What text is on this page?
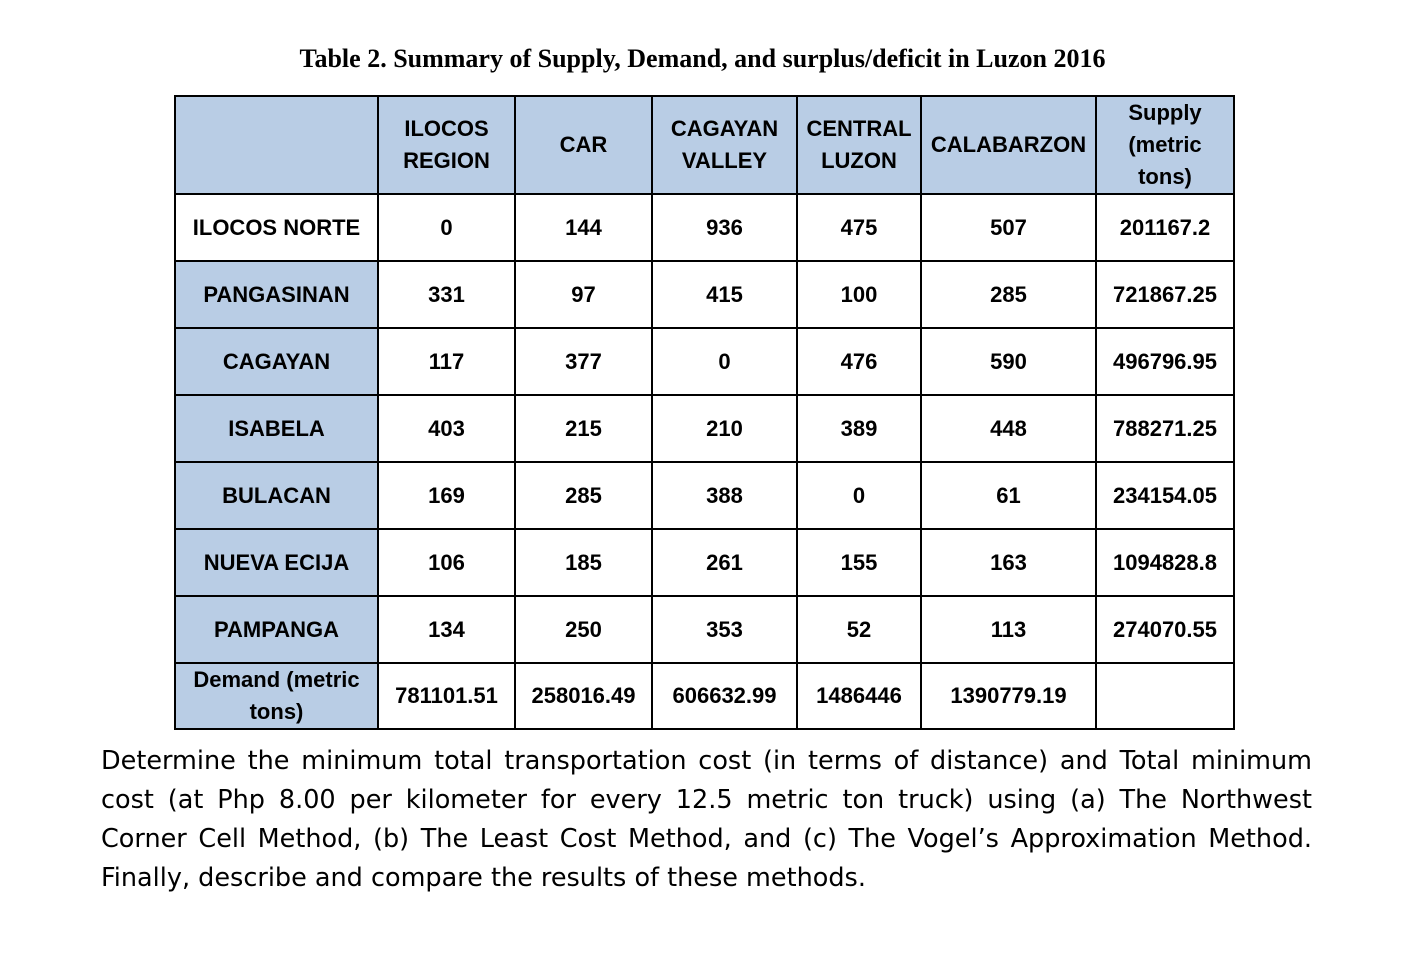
Table 2. Summary of Supply, Demand, and surplus/deficit in Luzon 2016
	ILOCOS REGION	CAR	CAGAYAN VALLEY	CENTRAL LUZON	CALABARZON	Supply (metric tons)
ILOCOS NORTE	0	144	936	475	507	201167.2
PANGASINAN	331	97	415	100	285	721867.25
CAGAYAN	117	377	0	476	590	496796.95
ISABELA	403	215	210	389	448	788271.25
BULACAN	169	285	388	0	61	234154.05
NUEVA ECIJA	106	185	261	155	163	1094828.8
PAMPANGA	134	250	353	52	113	274070.55
Demand (metric tons)	781101.51	258016.49	606632.99	1486446	1390779.19	
Determine the minimum total transportation cost (in terms of distance) and Total minimum cost (at Php 8.00 per kilometer for every 12.5 metric ton truck) using (a) The Northwest Corner Cell Method, (b) The Least Cost Method, and (c) The Vogel’s Approximation Method. Finally, describe and compare the results of these methods.
